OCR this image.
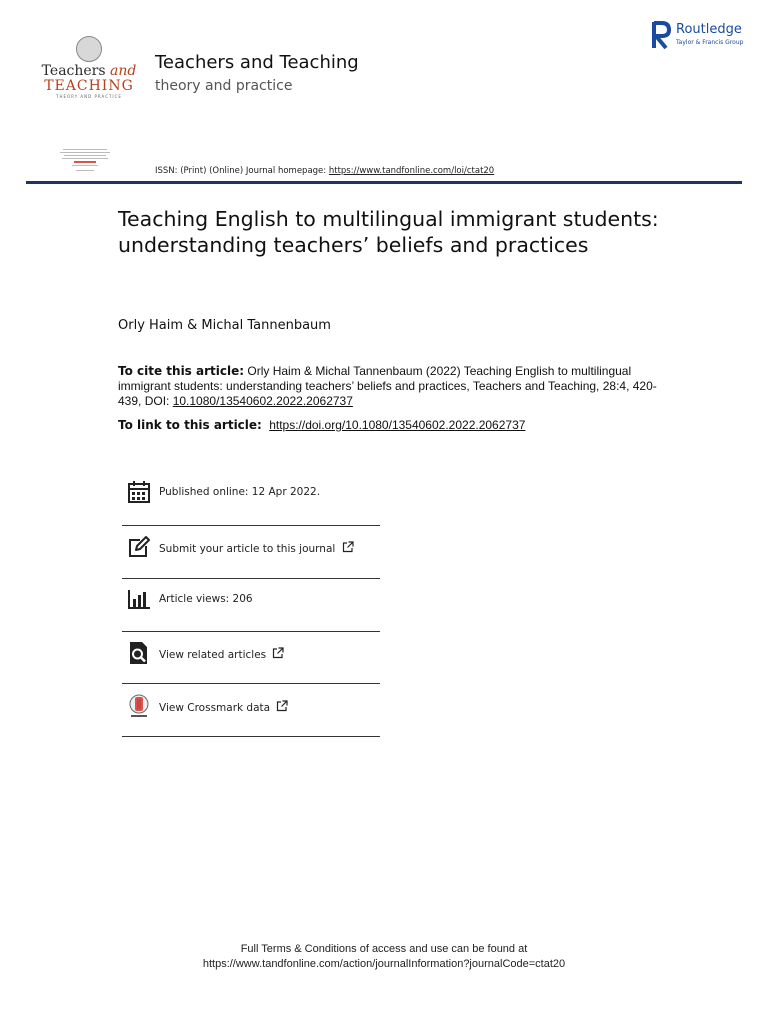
Teachers and
TEACHING
THEORY AND PRACTICE
Teachers and Teaching
theory and practice
Routledge
Taylor & Francis Group
ISSN: (Print) (Online) Journal homepage: https://www.tandfonline.com/loi/ctat20
Teaching English to multilingual immigrant students: understanding teachers’ beliefs and practices
Orly Haim & Michal Tannenbaum
To cite this article: Orly Haim & Michal Tannenbaum (2022) Teaching English to multilingual immigrant students: understanding teachers’ beliefs and practices, Teachers and Teaching, 28:4, 420-439, DOI: 10.1080/13540602.2022.2062737
To link to this article: https://doi.org/10.1080/13540602.2022.2062737
Published online: 12 Apr 2022.
Submit your article to this journal
Article views: 206
View related articles
View Crossmark data
Full Terms & Conditions of access and use can be found at
https://www.tandfonline.com/action/journalInformation?journalCode=ctat20
